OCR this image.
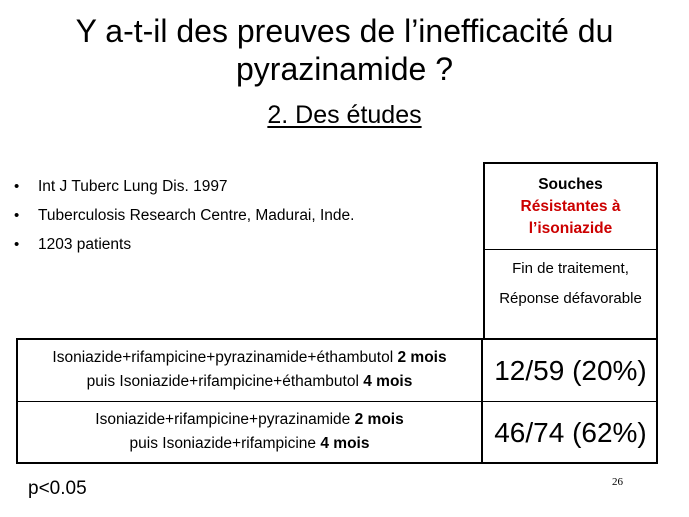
Y a-t-il des preuves de l’inefficacité du
pyrazinamide ?
2. Des études
• Int J Tuberc Lung Dis. 1997
• Tuberculosis Research Centre, Madurai, Inde.
• 1203 patients
Souches
Résistantes à
l’isoniazide
Fin de traitement,
Réponse défavorable
Isoniazide+rifampicine+pyrazinamide+éthambutol 2 mois
puis Isoniazide+rifampicine+éthambutol 4 mois	12/59 (20%)
Isoniazide+rifampicine+pyrazinamide 2 mois
puis Isoniazide+rifampicine 4 mois	46/74 (62%)
p<0.05	26
